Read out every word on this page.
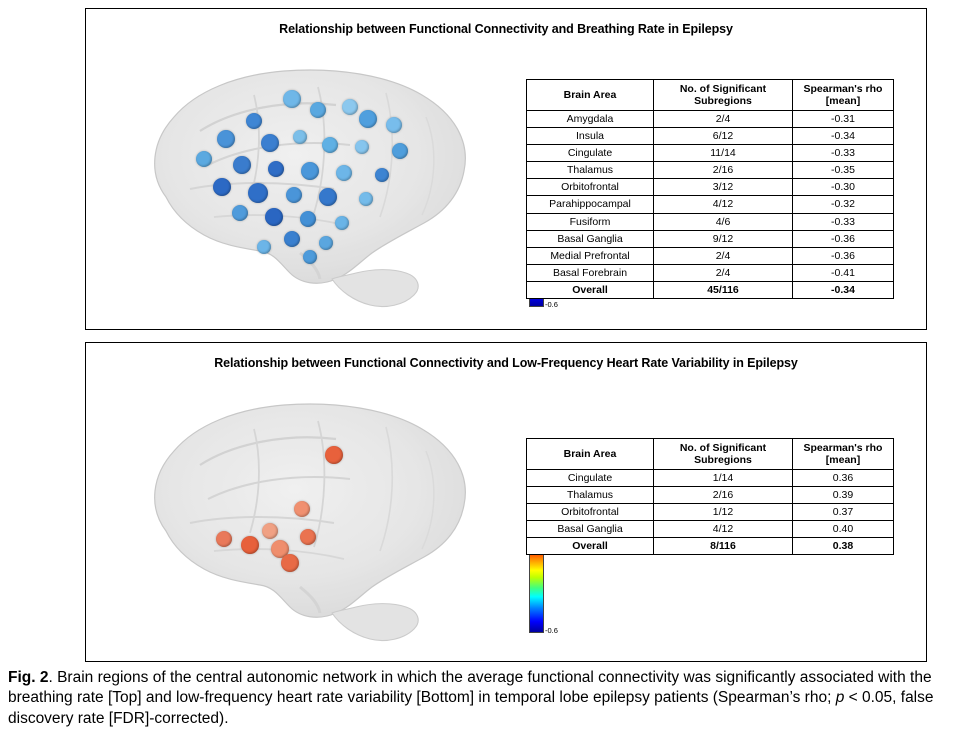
Relationship between Functional Connectivity and Breathing Rate in Epilepsy
-0.6
Brain Area	No. of Significant Subregions	Spearman's rho [mean]
Amygdala	2/4	-0.31
Insula	6/12	-0.34
Cingulate	11/14	-0.33
Thalamus	2/16	-0.35
Orbitofrontal	3/12	-0.30
Parahippocampal	4/12	-0.32
Fusiform	4/6	-0.33
Basal Ganglia	9/12	-0.36
Medial Prefrontal	2/4	-0.36
Basal Forebrain	2/4	-0.41
Overall	45/116	-0.34
Relationship between Functional Connectivity and Low-Frequency Heart Rate Variability in Epilepsy
-0.6
Brain Area	No. of Significant Subregions	Spearman's rho [mean]
Cingulate	1/14	0.36
Thalamus	2/16	0.39
Orbitofrontal	1/12	0.37
Basal Ganglia	4/12	0.40
Overall	8/116	0.38
Fig. 2. Brain regions of the central autonomic network in which the average functional connectivity was significantly associated with the breathing rate [Top] and low-frequency heart rate variability [Bottom] in temporal lobe epilepsy patients (Spearman’s rho; p < 0.05, false discovery rate [FDR]-corrected).
